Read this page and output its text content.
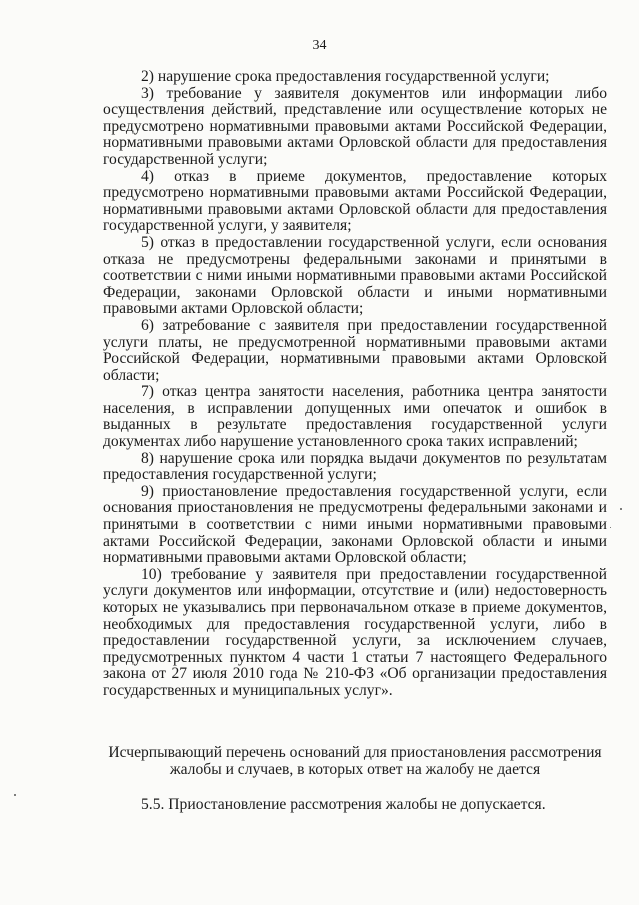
34

2) нарушение срока предоставления государственной услуги;

3) требование у заявителя документов или информации либо осуществления действий, представление или осуществление которых не предусмотрено нормативными правовыми актами Российской Федерации, нормативными правовыми актами Орловской области для предоставления государственной услуги;

4) отказ в приеме документов, предоставление которых предусмотрено нормативными правовыми актами Российской Федерации, нормативными правовыми актами Орловской области для предоставления государственной услуги, у заявителя;

5) отказ в предоставлении государственной услуги, если основания отказа не предусмотрены федеральными законами и принятыми в соответствии с ними иными нормативными правовыми актами Российской Федерации, законами Орловской области и иными нормативными правовыми актами Орловской области;

6) затребование с заявителя при предоставлении государственной услуги платы, не предусмотренной нормативными правовыми актами Российской Федерации, нормативными правовыми актами Орловской области;

7) отказ центра занятости населения, работника центра занятости населения, в исправлении допущенных ими опечаток и ошибок в выданных в результате предоставления государственной услуги документах либо нарушение установленного срока таких исправлений;

8) нарушение срока или порядка выдачи документов по результатам предоставления государственной услуги;

9) приостановление предоставления государственной услуги, если основания приостановления не предусмотрены федеральными законами и принятыми в соответствии с ними иными нормативными правовыми актами Российской Федерации, законами Орловской области и иными нормативными правовыми актами Орловской области;

10) требование у заявителя при предоставлении государственной услуги документов или информации, отсутствие и (или) недостоверность которых не указывались при первоначальном отказе в приеме документов, необходимых для предоставления государственной услуги, либо в предоставлении государственной услуги, за исключением случаев, предусмотренных пунктом 4 части 1 статьи 7 настоящего Федерального закона от 27 июля 2010 года № 210-ФЗ «Об организации предоставления государственных и муниципальных услуг».

Исчерпывающий перечень оснований для приостановления рассмотрения жалобы и случаев, в которых ответ на жалобу не дается

5.5. Приостановление рассмотрения жалобы не допускается.
